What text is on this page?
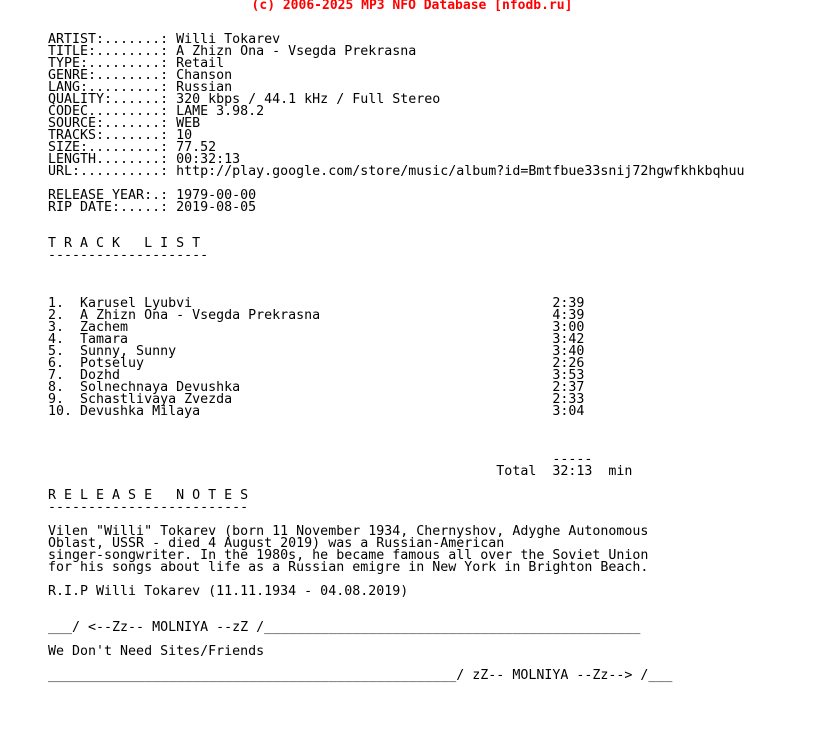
(c) 2006-2025 MP3 NFO Database [nfodb.ru]
ARTIST:.......: Willi Tokarev
TITLE:........: A Zhizn Ona - Vsegda Prekrasna
TYPE:.........: Retail
GENRE:........: Chanson
LANG:.........: Russian
QUALITY:......: 320 kbps / 44.1 kHz / Full Stereo
CODEC.........: LAME 3.98.2
SOURCE:.......: WEB
TRACKS:.......: 10
SIZE:.........: 77.52
LENGTH........: 00:32:13
URL:..........: http://play.google.com/store/music/album?id=Bmtfbue33snij72hgwfkhkbqhuu

RELEASE YEAR:.: 1979-00-00
RIP DATE:.....: 2019-08-05

T R A C K   L I S T
--------------------

1.  Karusel Lyubvi                                             2:39
2.  A Zhizn Ona - Vsegda Prekrasna                             4:39
3.  Zachem                                                     3:00
4.  Tamara                                                     3:42
5.  Sunny, Sunny                                               3:40
6.  Potseluy                                                   2:26
7.  Dozhd                                                      3:53
8.  Solnechnaya Devushka                                       2:37
9.  Schastlivaya Zvezda                                        2:33
10. Devushka Milaya                                            3:04

-----
Total  32:13  min

R E L E A S E   N O T E S
-------------------------

Vilen "Willi" Tokarev (born 11 November 1934, Chernyshov, Adyghe Autonomous
Oblast, USSR - died 4 August 2019) was a Russian-American
singer-songwriter. In the 1980s, he became famous all over the Soviet Union
for his songs about life as a Russian emigre in New York in Brighton Beach.

R.I.P Willi Tokarev (11.11.1934 - 04.08.2019)

___/ <--Zz-- MOLNIYA --zZ /_______________________________________________

We Don't Need Sites/Friends

___________________________________________________/ zZ-- MOLNIYA --Zz--> /___
